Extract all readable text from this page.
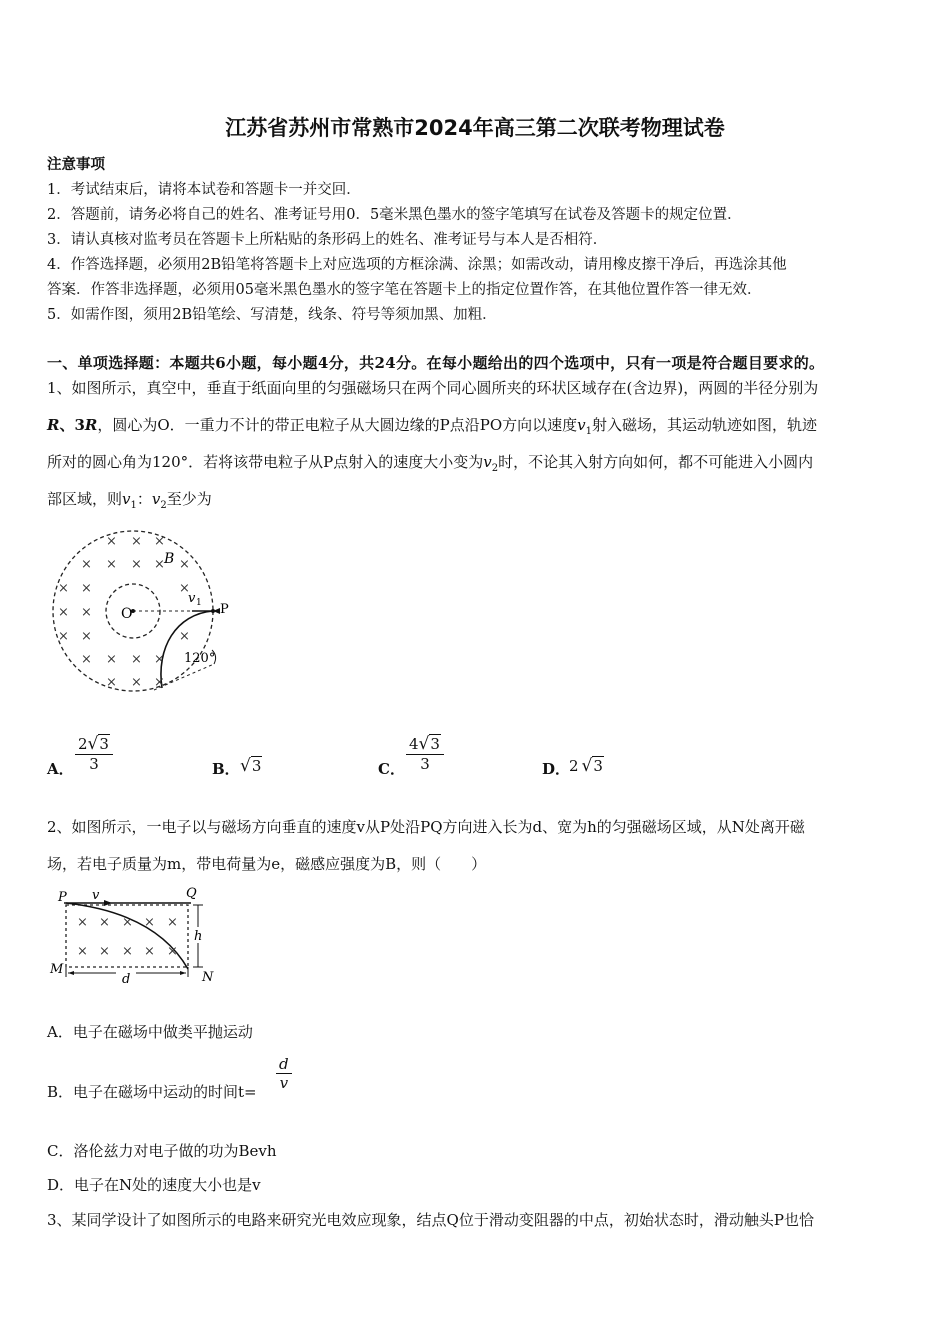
江苏省苏州市常熟市2024年高三第二次联考物理试卷
注意事项
1．考试结束后，请将本试卷和答题卡一并交回．
2．答题前，请务必将自己的姓名、准考证号用0．5毫米黑色墨水的签字笔填写在试卷及答题卡的规定位置．
3．请认真核对监考员在答题卡上所粘贴的条形码上的姓名、准考证号与本人是否相符．
4．作答选择题，必须用2B铅笔将答题卡上对应选项的方框涂满、涂黑；如需改动，请用橡皮擦干净后，再选涂其他
答案．作答非选择题，必须用05毫米黑色墨水的签字笔在答题卡上的指定位置作答，在其他位置作答一律无效．
5．如需作图，须用2B铅笔绘、写清楚，线条、符号等须加黑、加粗．
一、单项选择题：本题共6小题，每小题4分，共24分。在每小题给出的四个选项中，只有一项是符合题目要求的。
1、如图所示，真空中，垂直于纸面向里的匀强磁场只在两个同心圆所夹的环状区域存在(含边界)，两圆的半径分别为
R、3R，圆心为O．一重力不计的带正电粒子从大圆边缘的P点沿PO方向以速度$v_1$射入磁场，其运动轨迹如图，轨迹
所对的圆心角为120°．若将该带电粒子从P点射入的速度大小变为$v_2$时，不论其入射方向如何，都不可能进入小圆内
部区域，则$v_1$：$v_2$至少为
× × ×
× × × × ×
× ×	×
× ×
× ×	×
× × × ×
× × ×
B
O	P
v 1
120°
A．
2√3
3	B． √3	C．
4√3
3	D．
2 √3
2、如图所示，一电子以与磁场方向垂直的速度v从P处沿PQ方向进入长为d、宽为h的匀强磁场区域，从N处离开磁
场，若电子质量为m，带电荷量为e，磁感应强度为B，则（　　）
× × × × ×
× × × × ×
P v	Q
h
M
d	N
A．电子在磁场中做类平抛运动
B．电子在磁场中运动的时间t=
d
v
C．洛伦兹力对电子做的功为Bevh
D．电子在N处的速度大小也是v
3、某同学设计了如图所示的电路来研究光电效应现象，结点Q位于滑动变阻器的中点，初始状态时，滑动触头P也恰
